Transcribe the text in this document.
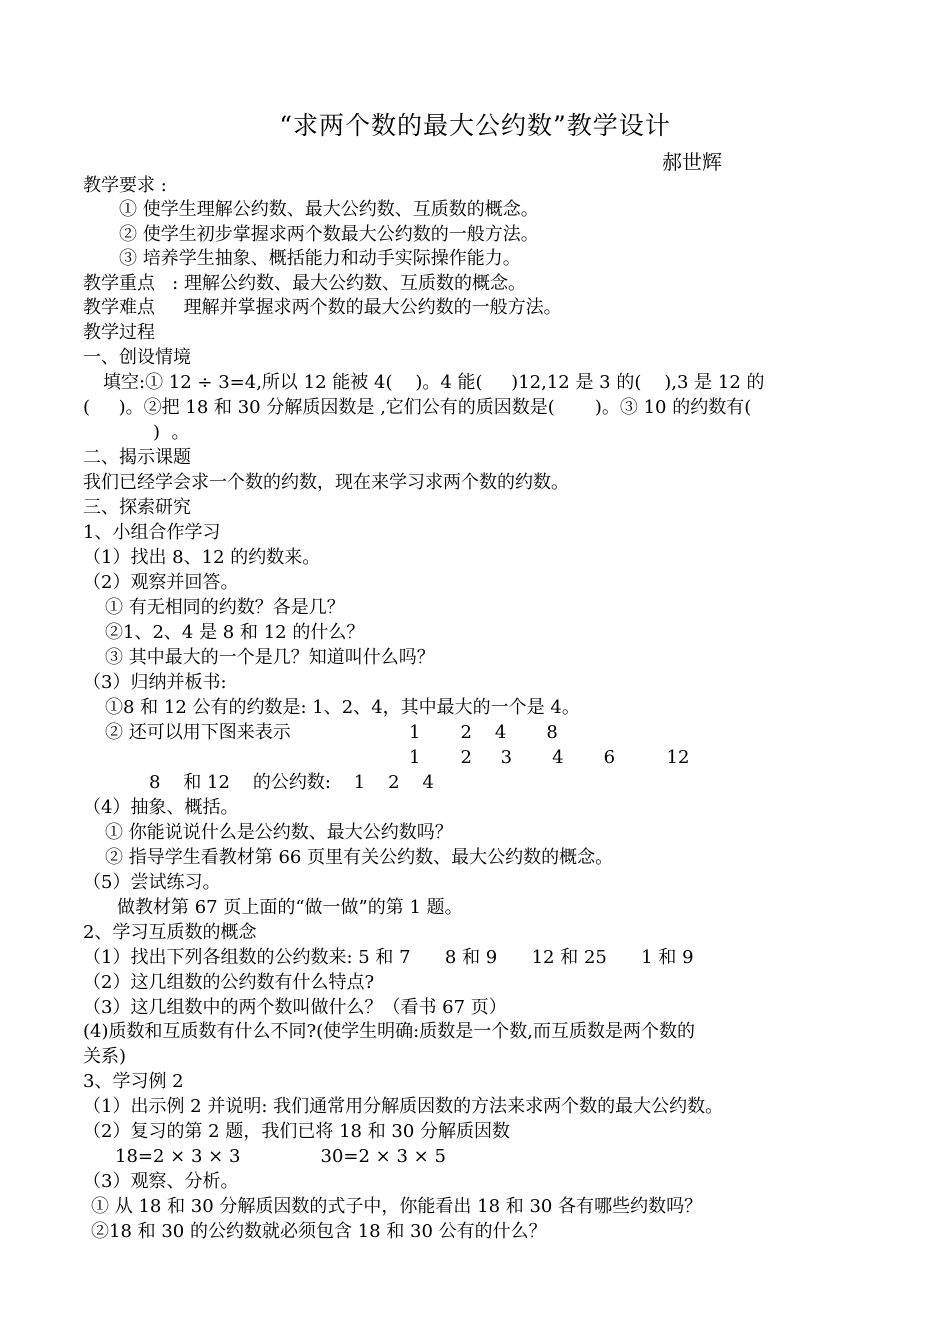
“求两个数的最大公约数”教学设计
郝世辉
教学要求 :
① 使学生理解公约数、最大公约数、互质数的概念。
② 使学生初步掌握求两个数最大公约数的一般方法。
③ 培养学生抽象、概括能力和动手实际操作能力。
教学重点   : 理解公约数、最大公约数、互质数的概念。
教学难点     理解并掌握求两个数的最大公约数的一般方法。
教学过程
一、创设情境
填空:① 12 ÷ 3=4,所以 12 能被 4(    )。4 能(     )12,12 是 3 的(    ),3 是 12 的
(     )。②把 18 和 30 分解质因数是 ,它们公有的质因数是(       )。③ 10 的约数有(
)  。
二、揭示课题
我们已经学会求一个数的约数，现在来学习求两个数的约数。
三、探索研究
1、小组合作学习
（1）找出 8、12 的约数来。
（2）观察并回答。
① 有无相同的约数？各是几？
②1、2、4 是 8 和 12 的什么？
③ 其中最大的一个是几？知道叫什么吗？
（3）归纳并板书:
①8 和 12 公有的约数是: 1、2、4，其中最大的一个是 4。
② 还可以用下图来表示	1       2    4       8
1       2     3       4       6         12
8    和 12    的公约数:    1    2    4
（4）抽象、概括。
① 你能说说什么是公约数、最大公约数吗？
② 指导学生看教材第 66 页里有关公约数、最大公约数的概念。
（5）尝试练习。
做教材第 67 页上面的“做一做”的第 1 题。
2、学习互质数的概念
（1）找出下列各组数的公约数来: 5 和 7      8 和 9      12 和 25      1 和 9
（2）这几组数的公约数有什么特点?
（3）这几组数中的两个数叫做什么？（看书 67 页）
(4)质数和互质数有什么不同?(使学生明确:质数是一个数,而互质数是两个数的
关系)
3、学习例 2
（1）出示例 2 并说明: 我们通常用分解质因数的方法来求两个数的最大公约数。
（2）复习的第 2 题，我们已将 18 和 30 分解质因数
18=2 × 3 × 3              30=2 × 3 × 5
（3）观察、分析。
① 从 18 和 30 分解质因数的式子中，你能看出 18 和 30 各有哪些约数吗？
②18 和 30 的公约数就必须包含 18 和 30 公有的什么？
